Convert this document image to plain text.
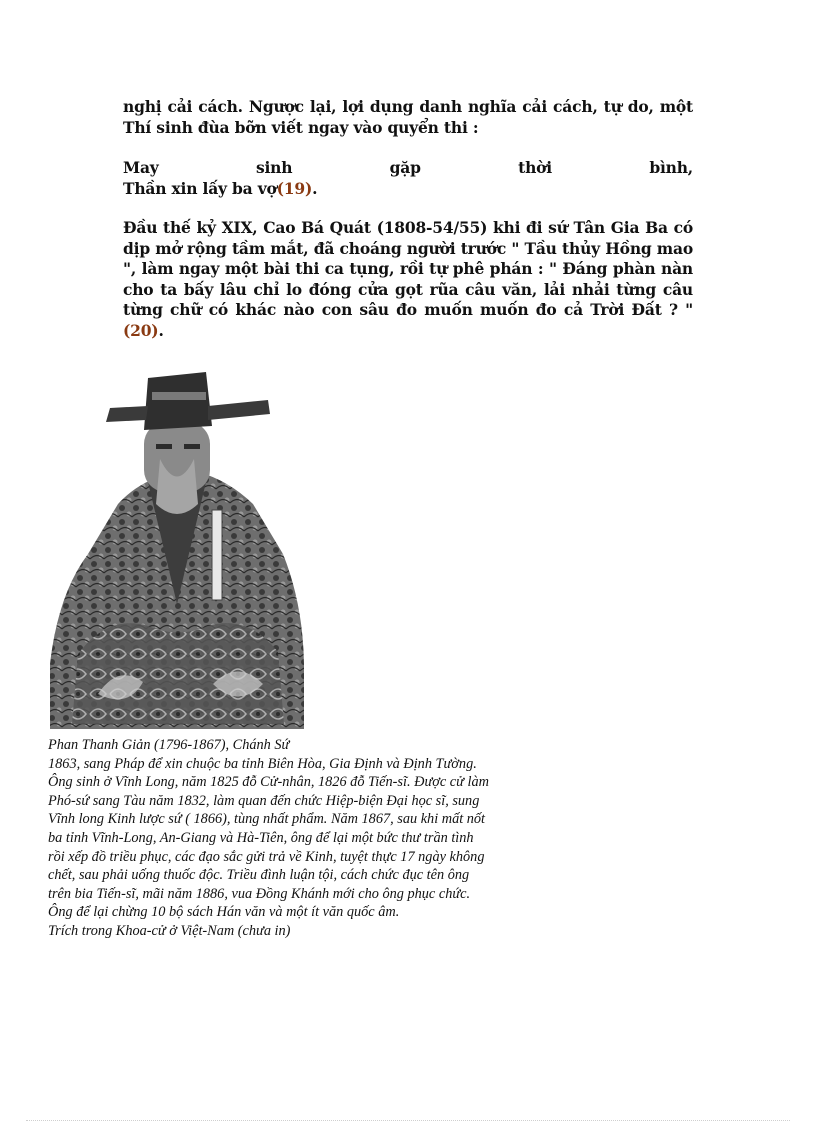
nghị cải cách. Ngược lại, lợi dụng danh nghĩa cải cách, tự do, một Thí sinh đùa bỡn viết ngay vào quyển thi :

May	sinh	gặp	thời	bình,
Thần xin lấy ba vợ(19).

Đầu thế kỷ XIX, Cao Bá Quát (1808-54/55) khi đi sứ Tân Gia Ba có dịp mở rộng tầm mắt, đã choáng người trước " Tầu thủy Hồng mao ", làm ngay một bài thi ca tụng, rồi tự phê phán : " Đáng phàn nàn cho ta bấy lâu chỉ lo đóng cửa gọt rũa câu văn, lải nhải từng câu từng chữ có khác nào con sâu đo muốn muốn đo cả Trời Đất ? " (20).

Phan Thanh Giản (1796-1867), Chánh Sứ
1863, sang Pháp để xin chuộc ba tỉnh Biên Hòa, Gia Định và Định Tường.
Ông sinh ở Vĩnh Long, năm 1825 đỗ Cử-nhân, 1826 đỗ Tiến-sĩ. Được cử làm
Phó-sứ sang Tàu năm 1832, làm quan đến chức Hiệp-biện Đại học sĩ, sung
Vĩnh long Kinh lược sứ ( 1866), tùng nhất phẩm. Năm 1867, sau khi mất nốt
ba tỉnh Vĩnh-Long, An-Giang và Hà-Tiên, ông để lại một bức thư trần tình
rồi xếp đồ triều phục, các đạo sắc gửi trả về Kinh, tuyệt thực 17 ngày không
chết, sau phải uống thuốc độc. Triều đình luận tội, cách chức đục tên ông
trên bia Tiến-sĩ, mãi năm 1886, vua Đồng Khánh mới cho ông phục chức.
Ông để lại chừng 10 bộ sách Hán văn và một ít văn quốc âm.
Trích trong Khoa-cử ở Việt-Nam (chưa in)
